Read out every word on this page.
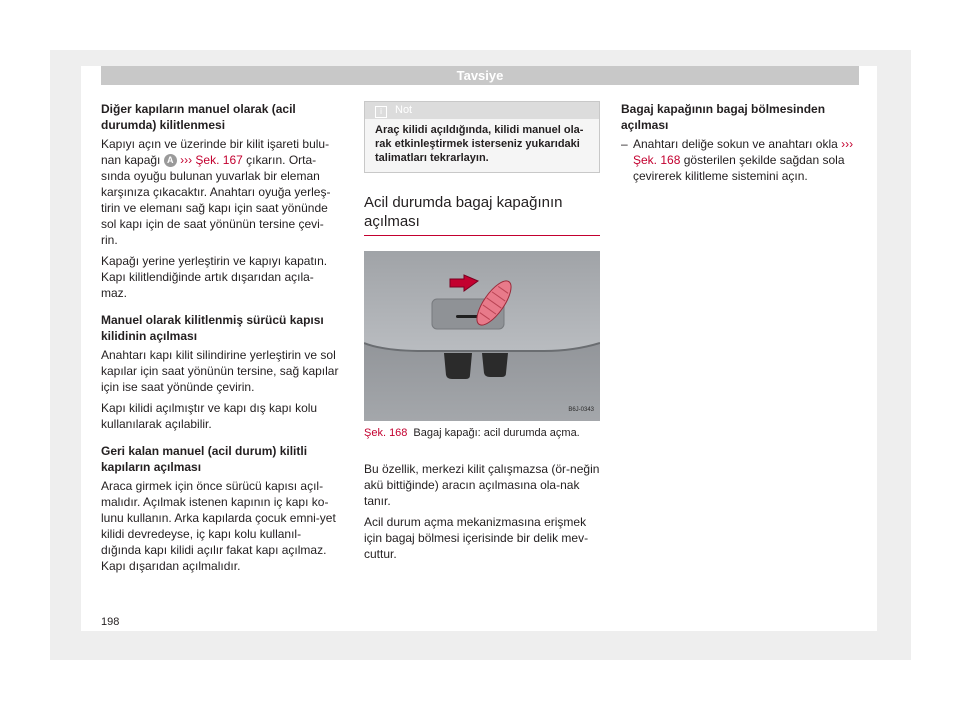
Tavsiye
Diğer kapıların manuel olarak (acil durumda) kilitlenmesi
Kapıyı açın ve üzerinde bir kilit işareti bulu-nan kapağı A ››› Şek. 167 çıkarın. Orta-sında oyuğu bulunan yuvarlak bir eleman karşınıza çıkacaktır. Anahtarı oyuğa yerleş-tirin ve elemanı sağ kapı için saat yönünde sol kapı için de saat yönünün tersine çevi-rin.
Kapağı yerine yerleştirin ve kapıyı kapatın. Kapı kilitlendiğinde artık dışarıdan açıla-maz.
Manuel olarak kilitlenmiş sürücü kapısı kilidinin açılması
Anahtarı kapı kilit silindirine yerleştirin ve sol kapılar için saat yönünün tersine, sağ kapılar için ise saat yönünde çevirin.
Kapı kilidi açılmıştır ve kapı dış kapı kolu kullanılarak açılabilir.
Geri kalan manuel (acil durum) kilitli kapıların açılması
Araca girmek için önce sürücü kapısı açıl-malıdır. Açılmak istenen kapının iç kapı ko-lunu kullanın. Arka kapılarda çocuk emni-yet kilidi devredeyse, iç kapı kolu kullanıl-dığında kapı kilidi açılır fakat kapı açılmaz. Kapı dışarıdan açılmalıdır.
i Not
Araç kilidi açıldığında, kilidi manuel ola-rak etkinleştirmek isterseniz yukarıdaki talimatları tekrarlayın.
Acil durumda bagaj kapağının açılması
B6J-0343
Şek. 168 Bagaj kapağı: acil durumda açma.
Bu özellik, merkezi kilit çalışmazsa (ör-neğin akü bittiğinde) aracın açılmasına ola-nak tanır.
Acil durum açma mekanizmasına erişmek için bagaj bölmesi içerisinde bir delik mev-cuttur.
Bagaj kapağının bagaj bölmesinden açılması
– Anahtarı deliğe sokun ve anahtarı okla ››› Şek. 168 gösterilen şekilde sağdan sola çevirerek kilitleme sistemini açın.
198
